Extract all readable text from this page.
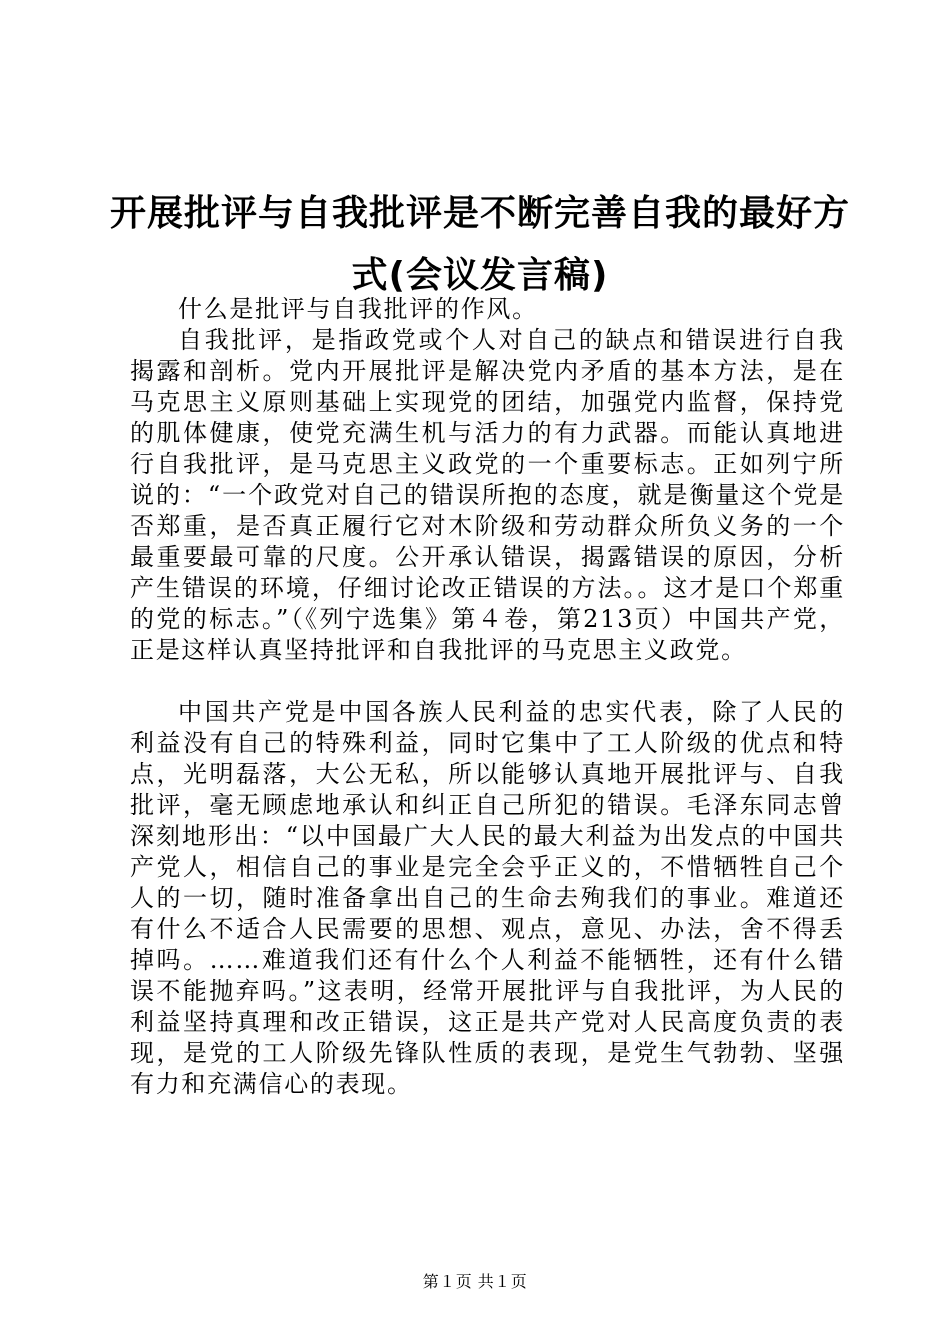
开展批评与自我批评是不断完善自我的最好方式(会议发言稿)

什么是批评与自我批评的作风。

自我批评，是指政党或个人对自己的缺点和错误进行自我揭露和剖析。党内开展批评是解决党内矛盾的基本方法，是在马克思主义原则基础上实现党的团结，加强党内监督，保持党的肌体健康，使党充满生机与活力的有力武器。而能认真地进行自我批评，是马克思主义政党的一个重要标志。正如列宁所说的：“一个政党对自己的错误所抱的态度，就是衡量这个党是否郑重，是否真正履行它对木阶级和劳动群众所负义务的一个最重要最可靠的尺度。公开承认错误，揭露错误的原因，分析产生错误的环境，仔细讨论改正错误的方法。。这才是口个郑重的党的标志。”（《列宁选集》第４卷，第213页）中国共产党，正是这样认真坚持批评和自我批评的马克思主义政党。

中国共产党是中国各族人民利益的忠实代表，除了人民的利益没有自己的特殊利益，同时它集中了工人阶级的优点和特点，光明磊落，大公无私，所以能够认真地开展批评与、自我批评，毫无顾虑地承认和纠正自己所犯的错误。毛泽东同志曾深刻地形出：“以中国最广大人民的最大利益为出发点的中国共产党人，相信自己的事业是完全会乎正义的，不惜牺牲自己个人的一切，随时准备拿出自己的生命去殉我们的事业。难道还有什么不适合人民需要的思想、观点，意见、办法，舍不得丢掉吗。……难道我们还有什么个人利益不能牺牲，还有什么错误不能抛弃吗。”这表明，经常开展批评与自我批评，为人民的利益坚持真理和改正错误，这正是共产党对人民高度负责的表现，是党的工人阶级先锋队性质的表现，是党生气勃勃、坚强有力和充满信心的表现。

第１页 共１页
